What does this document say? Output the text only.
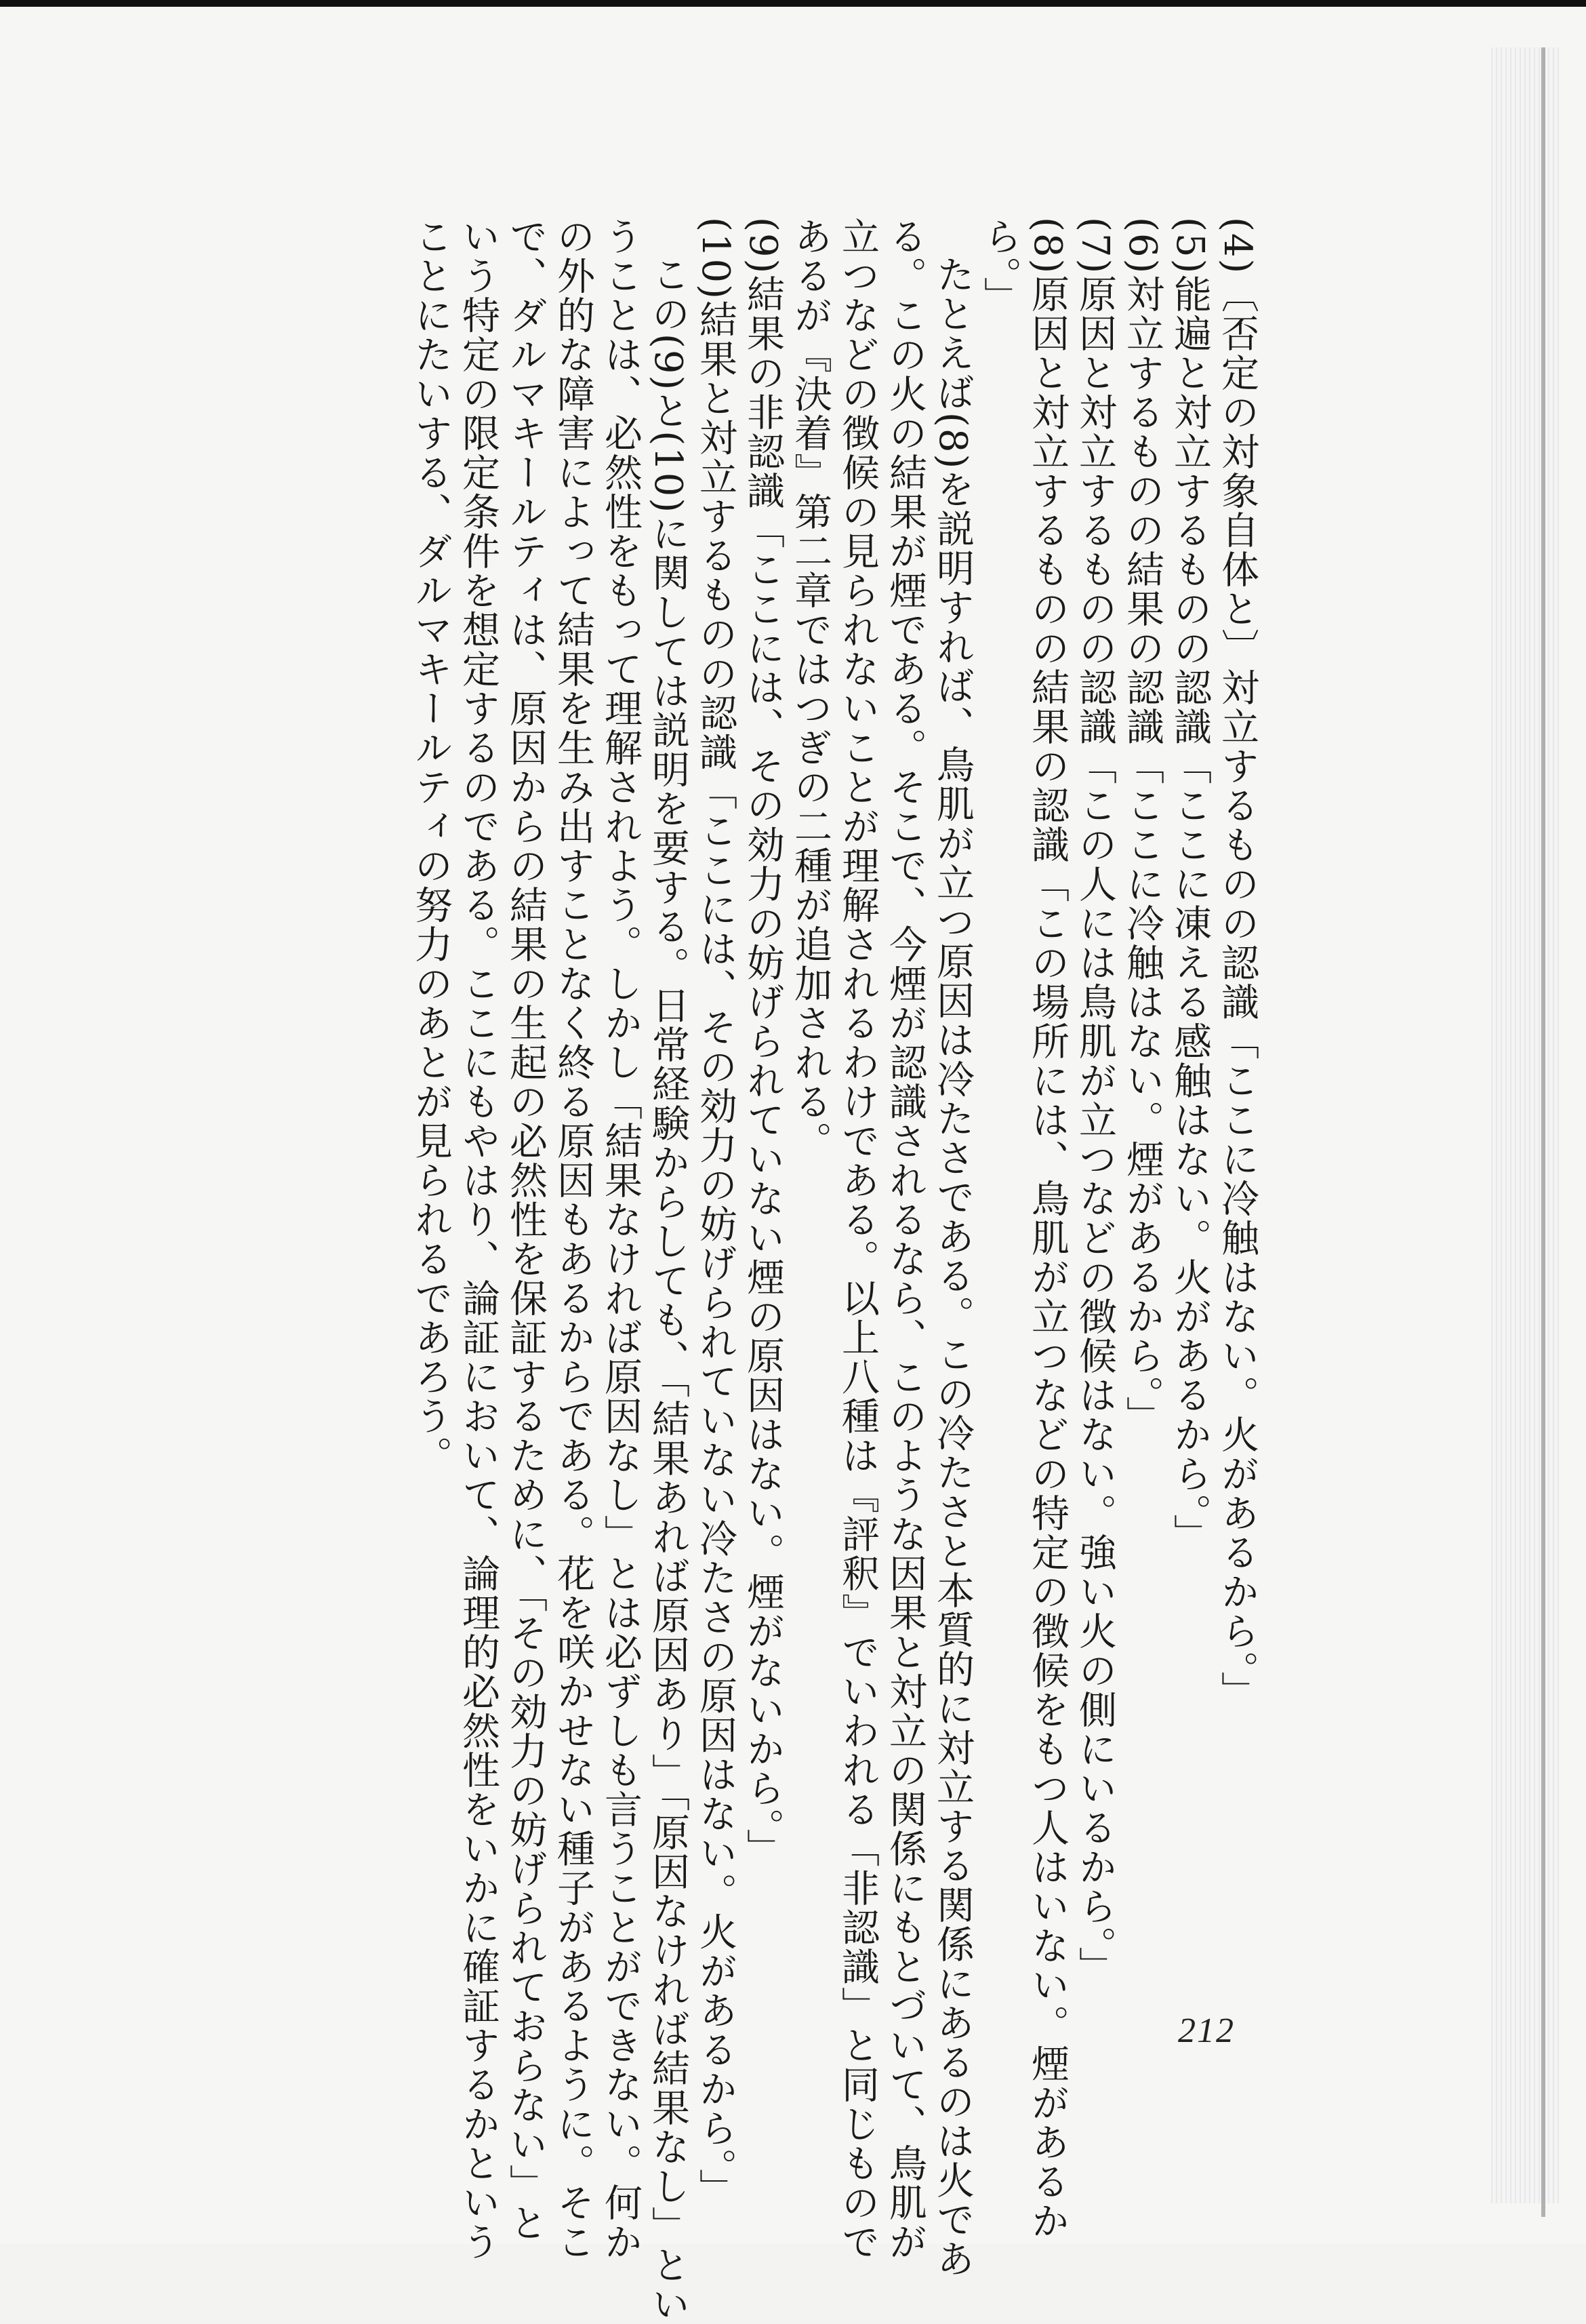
(4)〔否定の対象自体と〕対立するものの認識「ここに冷触はない。火があるから。」
(5)能遍と対立するものの認識「ここに凍える感触はない。火があるから。」
(6)対立するものの結果の認識「ここに冷触はない。煙があるから。」
(7)原因と対立するものの認識「この人には鳥肌が立つなどの徴候はない。強い火の側にいるから。」
(8)原因と対立するものの結果の認識「この場所には、鳥肌が立つなどの特定の徴候をもつ人はいない。煙があるか
ら。」
たとえば(8)を説明すれば、鳥肌が立つ原因は冷たさである。この冷たさと本質的に対立する関係にあるのは火であ
る。この火の結果が煙である。そこで、今煙が認識されるなら、このような因果と対立の関係にもとづいて、鳥肌が
立つなどの徴候の見られないことが理解されるわけである。以上八種は『評釈』でいわれる「非認識」と同じもので
あるが『決着』第二章ではつぎの二種が追加される。
(9)結果の非認識「ここには、その効力の妨げられていない煙の原因はない。煙がないから。」
(10)結果と対立するものの認識「ここには、その効力の妨げられていない冷たさの原因はない。火があるから。」
この(9)と(10)に関しては説明を要する。日常経験からしても、「結果あれば原因あり」「原因なければ結果なし」とい
うことは、必然性をもって理解されよう。しかし「結果なければ原因なし」とは必ずしも言うことができない。何か
の外的な障害によって結果を生み出すことなく終る原因もあるからである。花を咲かせない種子があるように。そこ
で、ダルマキールティは、原因からの結果の生起の必然性を保証するために、「その効力の妨げられておらない」と
いう特定の限定条件を想定するのである。ここにもやはり、論証において、論理的必然性をいかに確証するかという
ことにたいする、ダルマキールティの努力のあとが見られるであろう。
212
